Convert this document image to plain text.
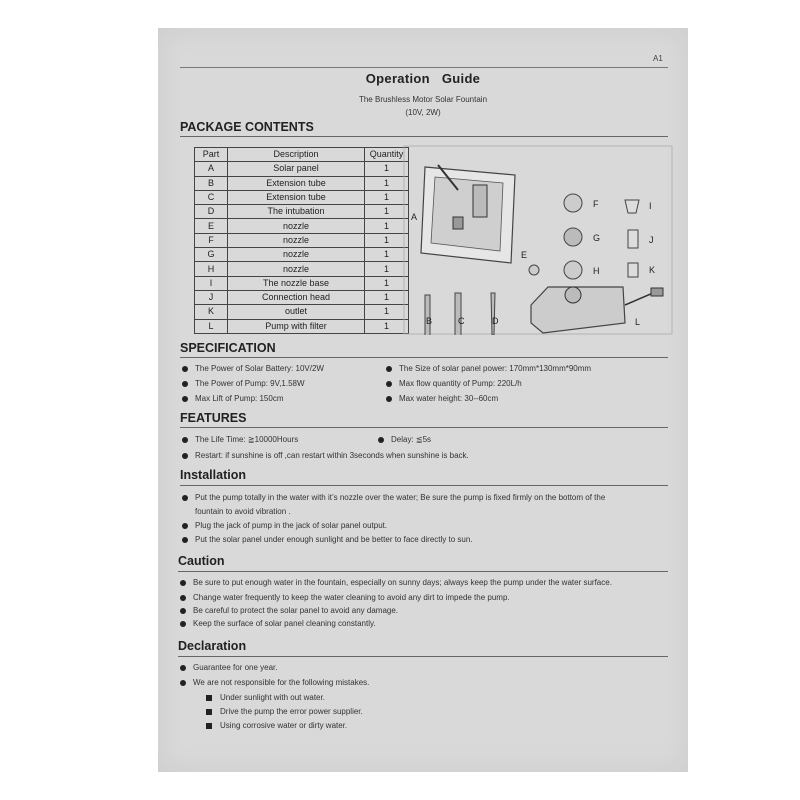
A1
Operation Guide
The Brushless Motor Solar Fountain
(10V, 2W)
PACKAGE CONTENTS
Part	Description	Quantity
A	Solar panel	1
B	Extension tube	1
C	Extension tube	1
D	The intubation	1
E	nozzle	1
F	nozzle	1
G	nozzle	1
H	nozzle	1
I	The nozzle base	1
J	Connection head	1
K	outlet	1
L	Pump with filter	1
A
E
F
G
H
I
J
K
L
B	C	D
SPECIFICATION
The Power of Solar Battery: 10V/2W
The Power of Pump: 9V,1.58W
Max Lift of Pump: 150cm
The Size of solar panel power: 170mm*130mm*90mm
Max flow quantity of Pump: 220L/h
Max water height: 30--60cm
FEATURES
The Life Time: ≧10000Hours	Delay: ≦5s
Restart: if sunshine is off ,can restart within 3seconds when sunshine is back.
Installation
Put the pump totally in the water with it’s nozzle over the water; Be sure the pump is fixed firmly on the bottom of the
fountain to avoid vibration .
Plug the jack of pump in the jack of solar panel output.
Put the solar panel under enough sunlight and be better to face directly to sun.
Caution
Be sure to put enough water in the fountain, especially on sunny days; always keep the pump under the water surface.
Change water frequently to keep the water cleaning to avoid any dirt to impede the pump.
Be careful to protect the solar panel to avoid any damage.
Keep the surface of solar panel cleaning constantly.
Declaration
Guarantee for one year.
We are not responsible for the following mistakes.
Under sunlight with out water.
Drive the pump the error power supplier.
Using corrosive water or dirty water.
